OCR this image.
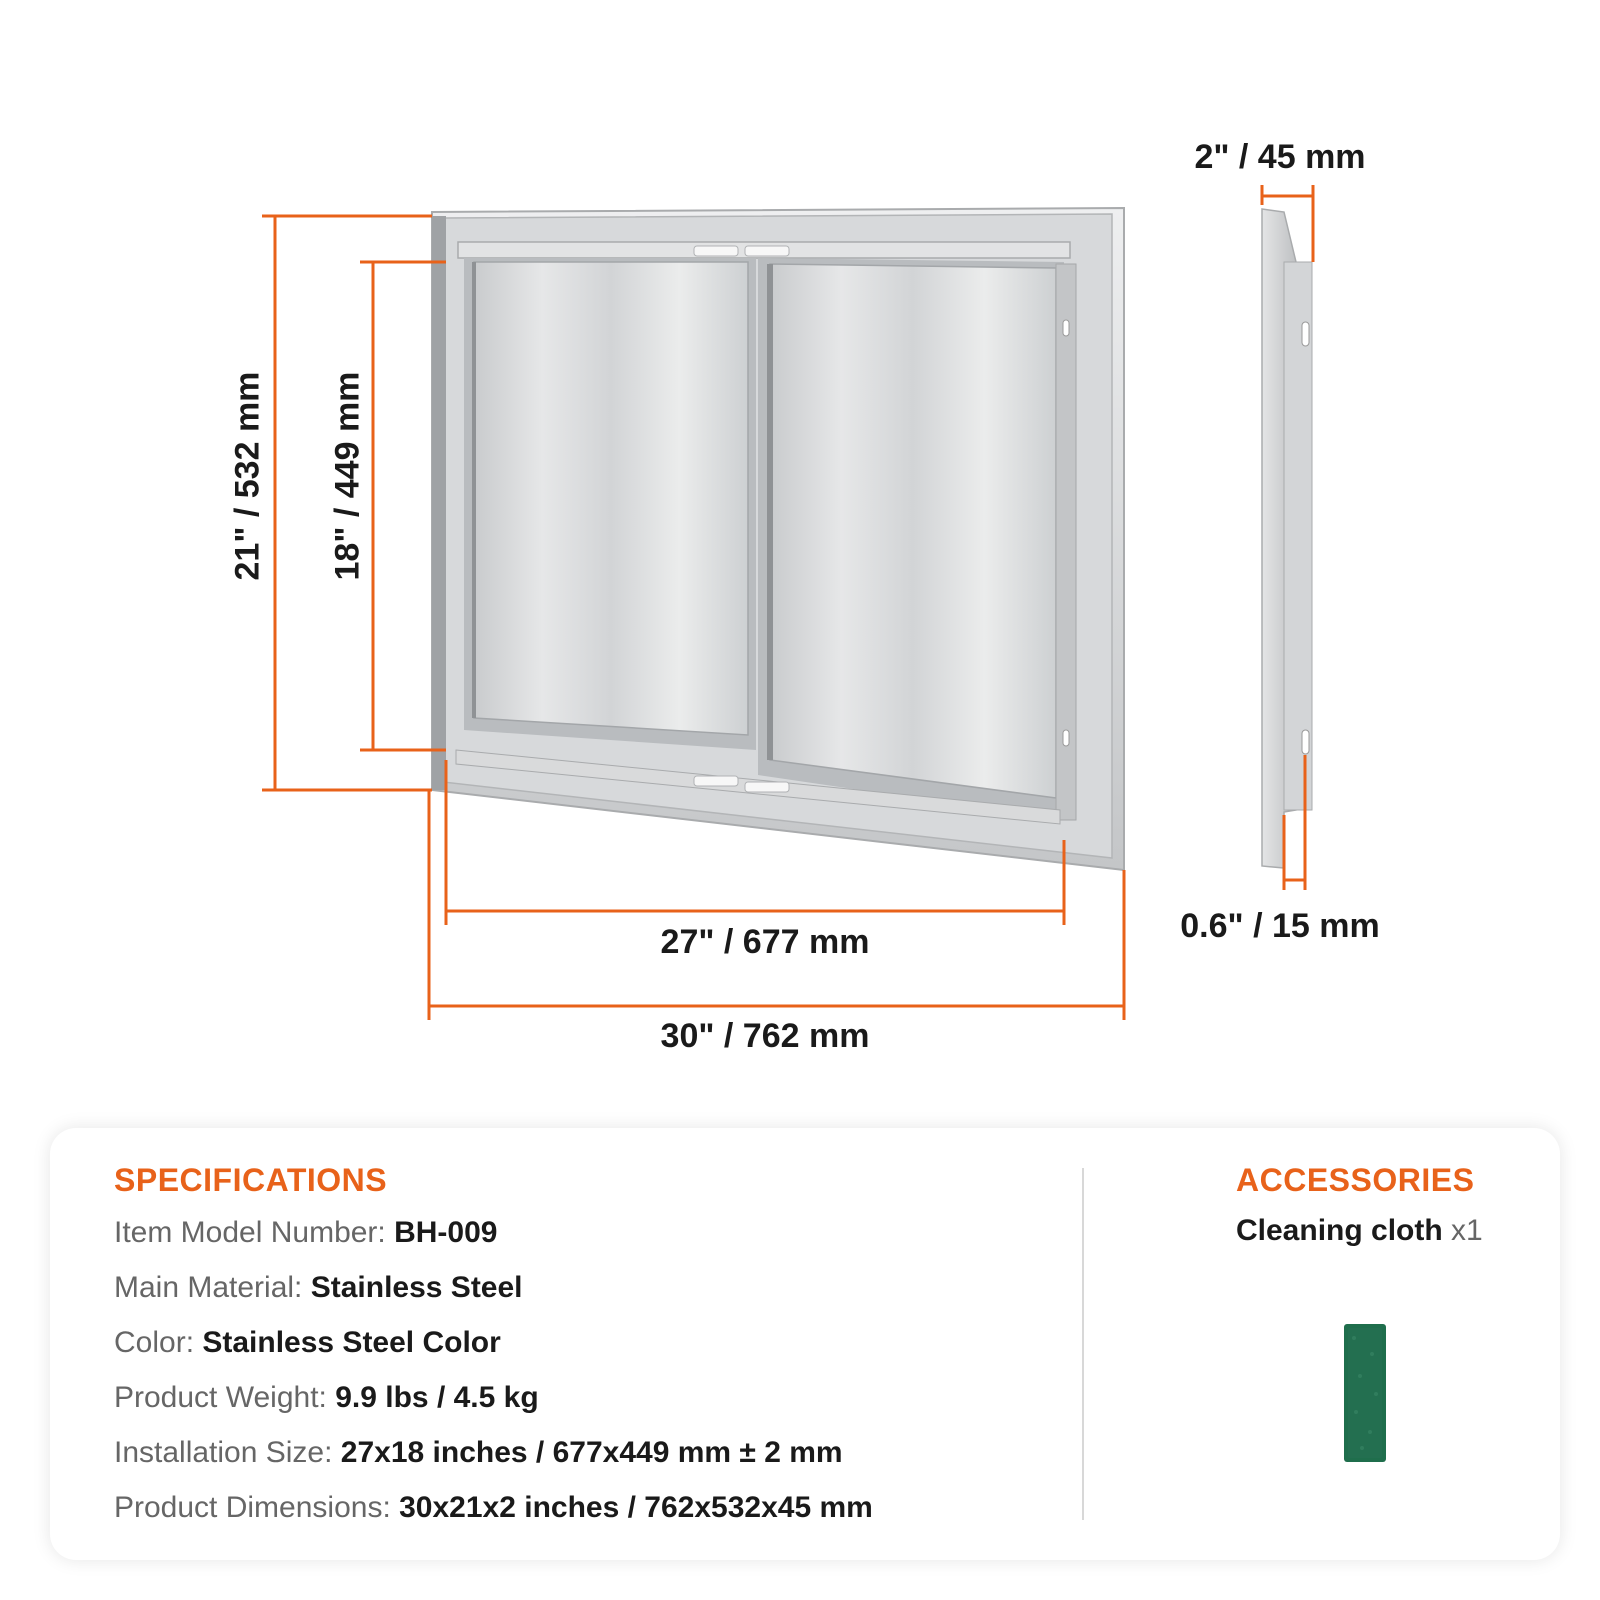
21" / 532 mm 18" / 449 mm
27" / 677 mm
30" / 762 mm
2" / 45 mm
0.6" / 15 mm
SPECIFICATIONS
Item Model Number: BH-009
Main Material: Stainless Steel
Color: Stainless Steel Color
Product Weight: 9.9 lbs / 4.5 kg
Installation Size: 27x18 inches / 677x449 mm ± 2 mm
Product Dimensions: 30x21x2 inches / 762x532x45 mm
ACCESSORIES
Cleaning cloth x1
